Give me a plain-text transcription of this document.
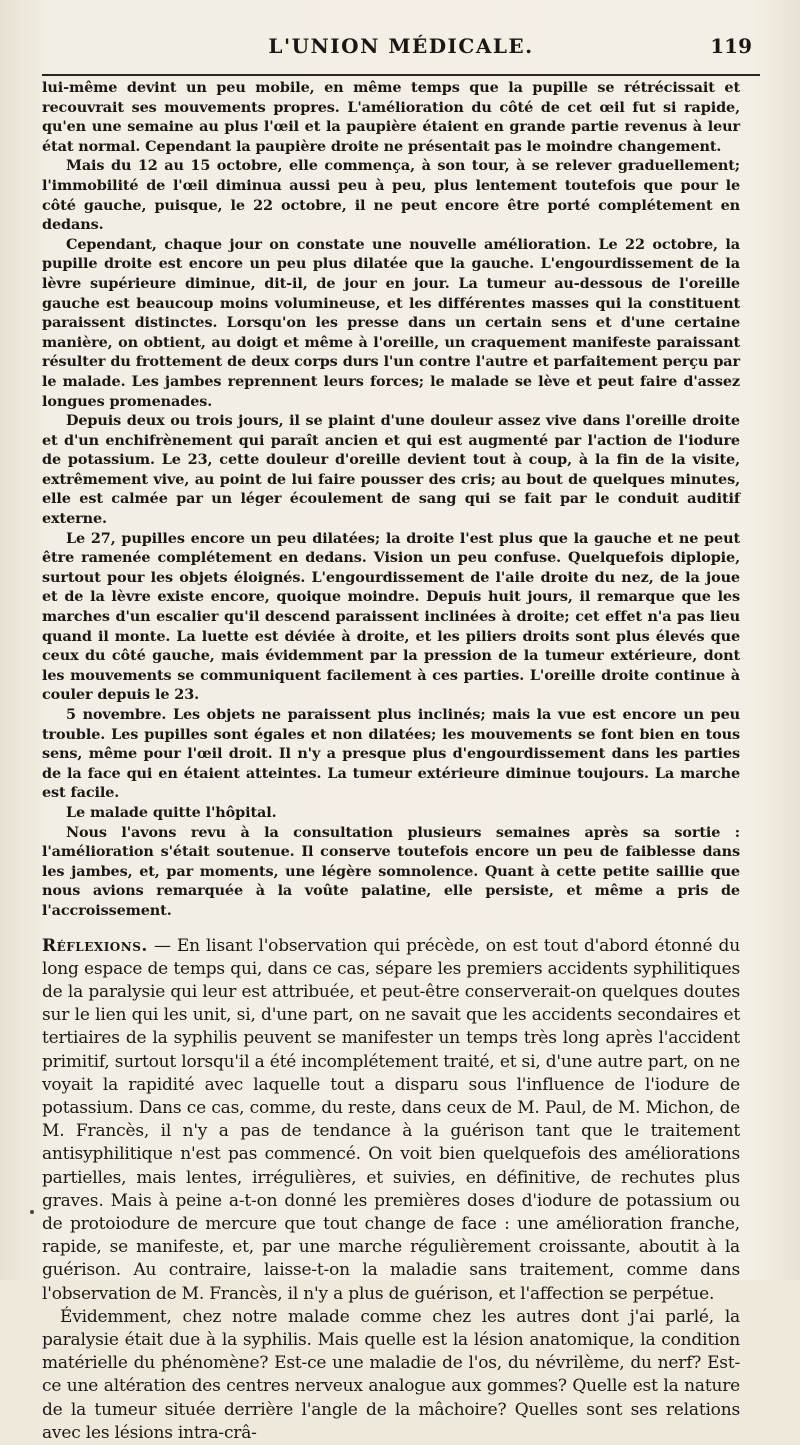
L'UNION MÉDICALE.	119

lui-même devint un peu mobile, en même temps que la pupille se rétrécissait et recouvrait ses mouvements propres. L'amélioration du côté de cet œil fut si rapide, qu'en une semaine au plus l'œil et la paupière étaient en grande partie revenus à leur état normal. Cependant la paupière droite ne présentait pas le moindre changement.

Mais du 12 au 15 octobre, elle commença, à son tour, à se relever graduellement; l'immobilité de l'œil diminua aussi peu à peu, plus lentement toutefois que pour le côté gauche, puisque, le 22 octobre, il ne peut encore être porté complétement en dedans.

Cependant, chaque jour on constate une nouvelle amélioration. Le 22 octobre, la pupille droite est encore un peu plus dilatée que la gauche. L'engourdissement de la lèvre supérieure diminue, dit-il, de jour en jour. La tumeur au-dessous de l'oreille gauche est beaucoup moins volumineuse, et les différentes masses qui la constituent paraissent distinctes. Lorsqu'on les presse dans un certain sens et d'une certaine manière, on obtient, au doigt et même à l'oreille, un craquement manifeste paraissant résulter du frottement de deux corps durs l'un contre l'autre et parfaitement perçu par le malade. Les jambes reprennent leurs forces; le malade se lève et peut faire d'assez longues promenades.

Depuis deux ou trois jours, il se plaint d'une douleur assez vive dans l'oreille droite et d'un enchifrènement qui paraît ancien et qui est augmenté par l'action de l'iodure de potassium. Le 23, cette douleur d'oreille devient tout à coup, à la fin de la visite, extrêmement vive, au point de lui faire pousser des cris; au bout de quelques minutes, elle est calmée par un léger écoulement de sang qui se fait par le conduit auditif externe.

Le 27, pupilles encore un peu dilatées; la droite l'est plus que la gauche et ne peut être ramenée complétement en dedans. Vision un peu confuse. Quelquefois diplopie, surtout pour les objets éloignés. L'engourdissement de l'aile droite du nez, de la joue et de la lèvre existe encore, quoique moindre. Depuis huit jours, il remarque que les marches d'un escalier qu'il descend paraissent inclinées à droite; cet effet n'a pas lieu quand il monte. La luette est déviée à droite, et les piliers droits sont plus élevés que ceux du côté gauche, mais évidemment par la pression de la tumeur extérieure, dont les mouvements se communiquent facilement à ces parties. L'oreille droite continue à couler depuis le 23.

5 novembre. Les objets ne paraissent plus inclinés; mais la vue est encore un peu trouble. Les pupilles sont égales et non dilatées; les mouvements se font bien en tous sens, même pour l'œil droit. Il n'y a presque plus d'engourdissement dans les parties de la face qui en étaient atteintes. La tumeur extérieure diminue toujours. La marche est facile.

Le malade quitte l'hôpital.

Nous l'avons revu à la consultation plusieurs semaines après sa sortie : l'amélioration s'était soutenue. Il conserve toutefois encore un peu de faiblesse dans les jambes, et, par moments, une légère somnolence. Quant à cette petite saillie que nous avions remarquée à la voûte palatine, elle persiste, et même a pris de l'accroissement.

Réflexions. — En lisant l'observation qui précède, on est tout d'abord étonné du long espace de temps qui, dans ce cas, sépare les premiers accidents syphilitiques de la paralysie qui leur est attribuée, et peut-être conserverait-on quelques doutes sur le lien qui les unit, si, d'une part, on ne savait que les accidents secondaires et tertiaires de la syphilis peuvent se manifester un temps très long après l'accident primitif, surtout lorsqu'il a été incomplétement traité, et si, d'une autre part, on ne voyait la rapidité avec laquelle tout a disparu sous l'influence de l'iodure de potassium. Dans ce cas, comme, du reste, dans ceux de M. Paul, de M. Michon, de M. Francès, il n'y a pas de tendance à la guérison tant que le traitement antisyphilitique n'est pas commencé. On voit bien quelquefois des améliorations partielles, mais lentes, irrégulières, et suivies, en définitive, de rechutes plus graves. Mais à peine a-t-on donné les premières doses d'iodure de potassium ou de protoiodure de mercure que tout change de face : une amélioration franche, rapide, se manifeste, et, par une marche régulièrement croissante, aboutit à la guérison. Au contraire, laisse-t-on la maladie sans traitement, comme dans l'observation de M. Francès, il n'y a plus de guérison, et l'affection se perpétue.

Évidemment, chez notre malade comme chez les autres dont j'ai parlé, la paralysie était due à la syphilis. Mais quelle est la lésion anatomique, la condition matérielle du phénomène? Est-ce une maladie de l'os, du névrilème, du nerf? Est-ce une altération des centres nerveux analogue aux gommes? Quelle est la nature de la tumeur située derrière l'angle de la mâchoire? Quelles sont ses relations avec les lésions intra-crâ-
